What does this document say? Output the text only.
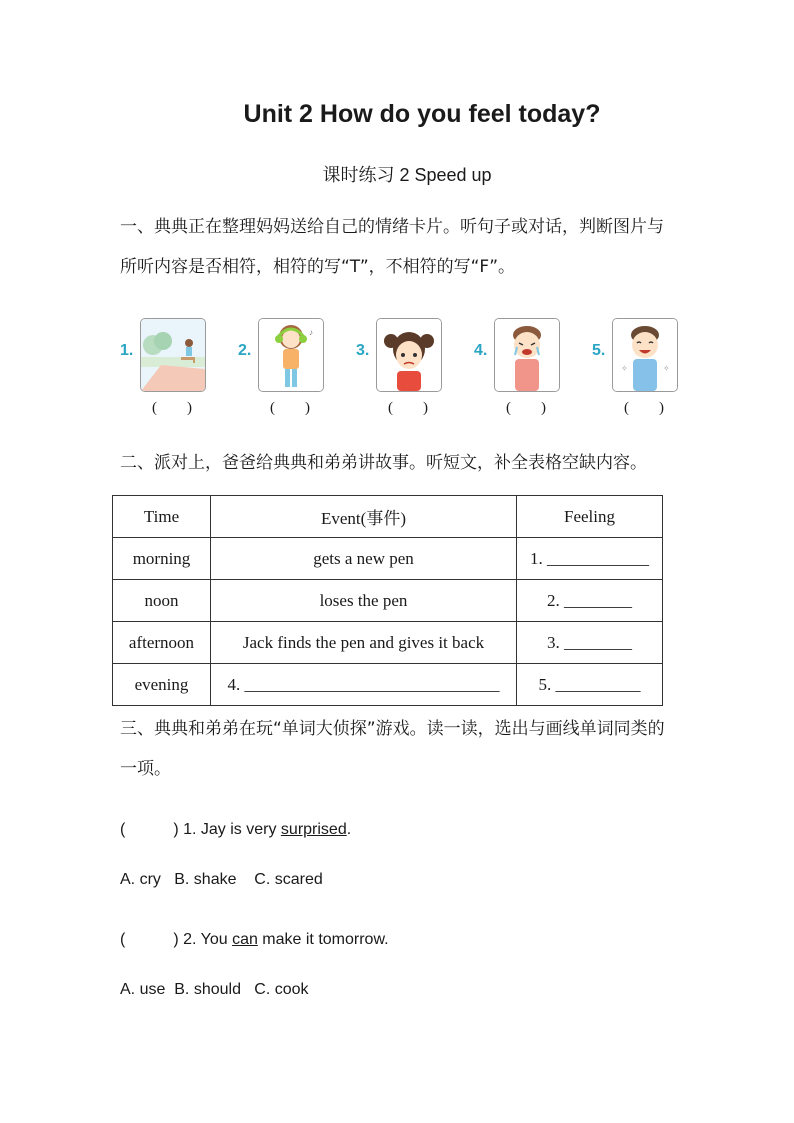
Unit 2 How do you feel today?
课时练习 2 Speed up
一、典典正在整理妈妈送给自己的情绪卡片。听句子或对话，判断图片与所听内容是否相符，相符的写“T”，不相符的写“F”。
1.
(　　)
2.
♪
(　　)
3.
(　　)
4.
(　　)
5.
✧	✧
(　　)
二、派对上，爸爸给典典和弟弟讲故事。听短文，补全表格空缺内容。
Time	Event(事件)	Feeling
morning	gets a new pen	1. ____________
noon	loses the pen	2. ________
afternoon	Jack finds the pen and gives it back	3. ________
evening	4. ______________________________	5. __________
三、典典和弟弟在玩“单词大侦探”游戏。读一读，选出与画线单词同类的一项。
(　　　) 1. Jay is very surprised.
A. cry   B. shake    C. scared
(　　　) 2. You can make it tomorrow.
A. use  B. should   C. cook
